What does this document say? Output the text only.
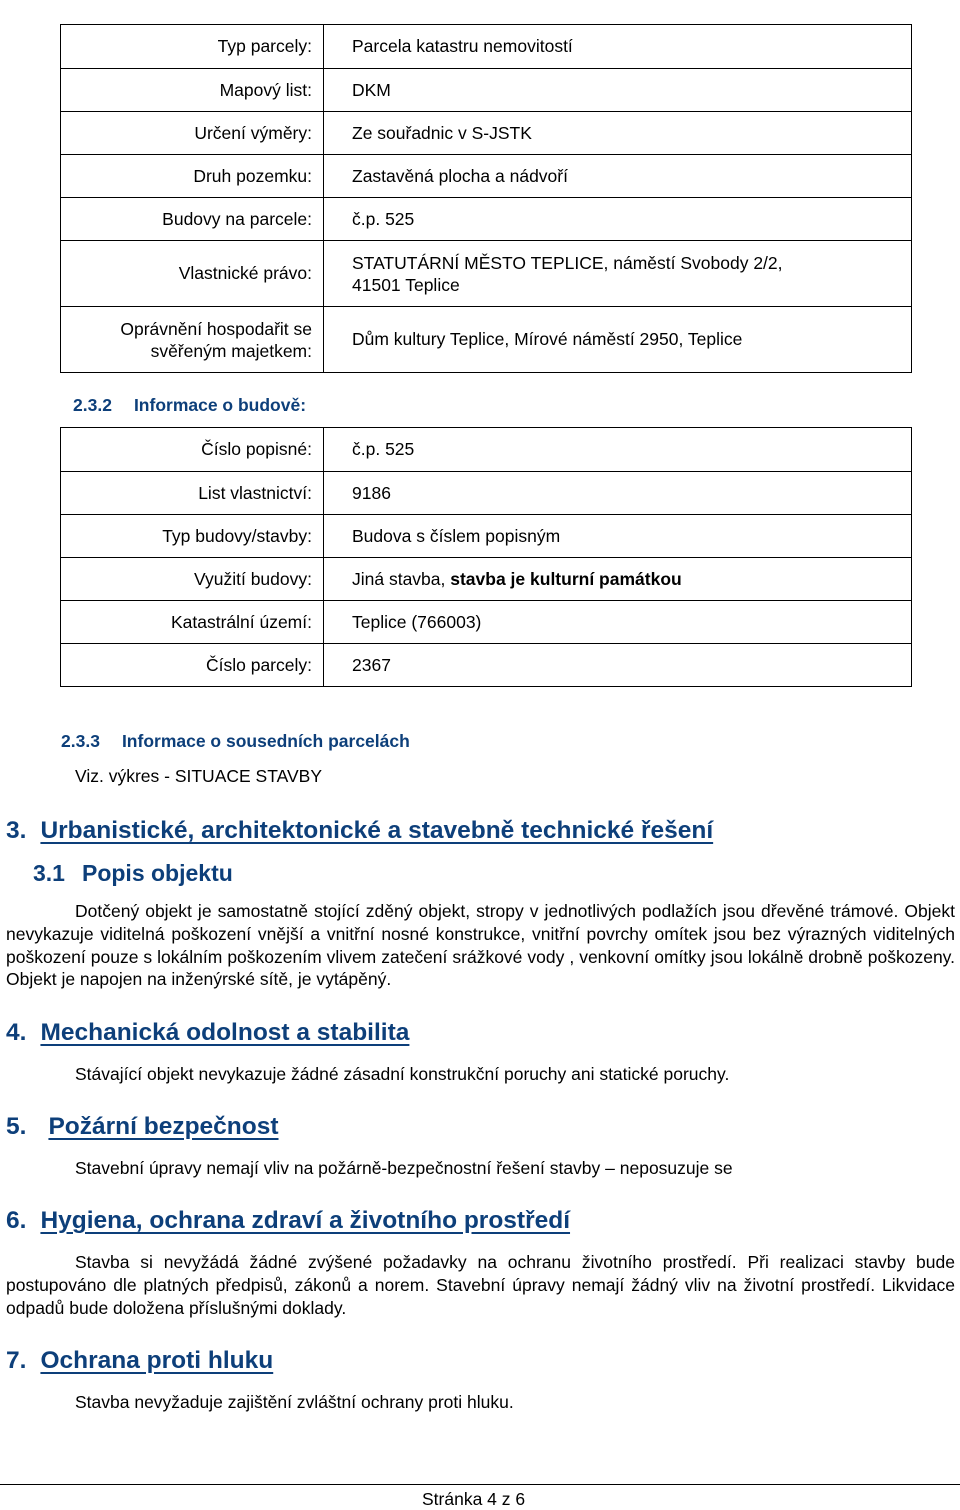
Typ parcely:	Parcela katastru nemovitostí
Mapový list:	DKM
Určení výměry:	Ze souřadnic v S-JSTK
Druh pozemku:	Zastavěná plocha a nádvoří
Budovy na parcele:	č.p. 525
Vlastnické právo:	STATUTÁRNÍ MĚSTO TEPLICE, náměstí Svobody 2/2,
41501 Teplice

Oprávnění hospodařit se
svěřeným majetkem:	Dům kultury Teplice, Mírové náměstí 2950, Teplice
2.3.2 Informace o budově:
Číslo popisné:	č.p. 525
List vlastnictví:	9186
Typ budovy/stavby:	Budova s číslem popisným
Využití budovy:	Jiná stavba, stavba je kulturní památkou
Katastrální území:	Teplice (766003)
Číslo parcely:	2367
2.3.3 Informace o sousedních parcelách
Viz. výkres - SITUACE STAVBY
3. Urbanistické, architektonické a stavebně technické řešení
3.1 Popis objektu

Dotčený objekt je samostatně stojící zděný objekt, stropy v jednotlivých podlažích jsou dřevěné trámové. Objekt nevykazuje viditelná poškození vnější a vnitřní nosné konstrukce, vnitřní povrchy omítek jsou bez výrazných viditelných poškození pouze s lokálním poškozením vlivem zatečení srážkové vody , venkovní omítky jsou lokálně drobně poškozeny. Objekt je napojen na inženýrské sítě, je vytápěný.

4. Mechanická odolnost a stabilita

Stávající objekt nevykazuje žádné zásadní konstrukční poruchy ani statické poruchy.

5. Požární bezpečnost

Stavební úpravy nemají vliv na požárně-bezpečnostní řešení stavby – neposuzuje se

6. Hygiena, ochrana zdraví a životního prostředí

Stavba si nevyžádá žádné zvýšené požadavky na ochranu životního prostředí. Při realizaci stavby bude postupováno dle platných předpisů, zákonů a norem. Stavební úpravy nemají žádný vliv na životní prostředí. Likvidace odpadů bude doložena příslušnými doklady.

7. Ochrana proti hluku

Stavba nevyžaduje zajištění zvláštní ochrany proti hluku.

Stránka 4 z 6
